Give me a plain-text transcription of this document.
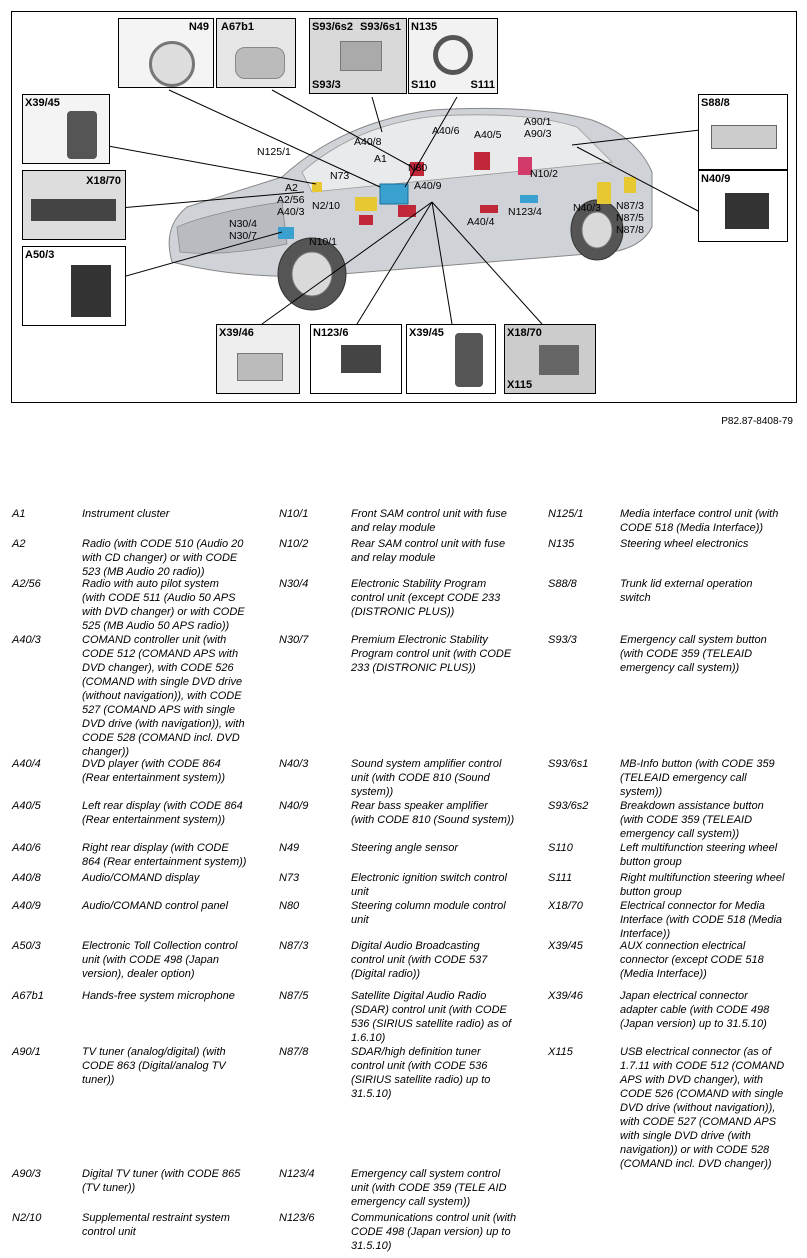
N49 A67b1	S93/6s2 S93/6s1
S93/3
N135
S110	S111
X39/45
X18/70
A50/3
S88/8
N40/9
X39/46	N123/6	X39/45	X18/70
X115
A40/8
A40/6 A40/5
A90/1
A90/3
N125/1
A1
N80
N73
A40/9
N10/2
A2
A2/56
A40/3 N2/10	N123/4	N40/3 N87/3
N87/5
N87/8
A40/4
N30/4
N30/7	N10/1
P82.87-8408-79
A1	Instrument cluster
A2	Radio (with CODE 510 (Audio 20
with CD changer) or with CODE
523 (MB Audio 20 radio))
A2/56	Radio with auto pilot system
(with CODE 511 (Audio 50 APS
with DVD changer) or with CODE
525 (MB Audio 50 APS radio))
A40/3	COMAND controller unit (with
CODE 512 (COMAND APS with
DVD changer), with CODE 526
(COMAND with single DVD drive
(without navigation)), with CODE
527 (COMAND APS with single
DVD drive (with navigation)), with
CODE 528 (COMAND incl. DVD
changer))
A40/4	DVD player (with CODE 864
(Rear entertainment system))
A40/5	Left rear display (with CODE 864
(Rear entertainment system))
A40/6	Right rear display (with CODE
864 (Rear entertainment system))
A40/8	Audio/COMAND display
A40/9	Audio/COMAND control panel
A50/3	Electronic Toll Collection control
unit (with CODE 498 (Japan
version), dealer option)
A67b1	Hands-free system microphone
A90/1	TV tuner (analog/digital) (with
CODE 863 (Digital/analog TV
tuner))
A90/3	Digital TV tuner (with CODE 865
(TV tuner))
N2/10	Supplemental restraint system
control unit
N10/1	Front SAM control unit with fuse
and relay module
N10/2	Rear SAM control unit with fuse
and relay module
N30/4	Electronic Stability Program
control unit (except CODE 233
(DISTRONIC PLUS))
N30/7	Premium Electronic Stability
Program control unit (with CODE
233 (DISTRONIC PLUS))
N40/3	Sound system amplifier control
unit (with CODE 810 (Sound
system))
N40/9	Rear bass speaker amplifier
(with CODE 810 (Sound system))
N49	Steering angle sensor
N73	Electronic ignition switch control
unit
N80	Steering column module control
unit
N87/3	Digital Audio Broadcasting
control unit (with CODE 537
(Digital radio))
N87/5	Satellite Digital Audio Radio
(SDAR) control unit (with CODE
536 (SIRIUS satellite radio) as of
1.6.10)
N87/8	SDAR/high definition tuner
control unit (with CODE 536
(SIRIUS satellite radio) up to
31.5.10)
N123/4	Emergency call system control
unit (with CODE 359 (TELE AID
emergency call system))
N123/6	Communications control unit (with
CODE 498 (Japan version) up to
31.5.10)
N125/1	Media interface control unit (with
CODE 518 (Media Interface))
N135	Steering wheel electronics
S88/8	Trunk lid external operation
switch
S93/3	Emergency call system button
(with CODE 359 (TELEAID
emergency call system))
S93/6s1	MB-Info button (with CODE 359
(TELEAID emergency call
system))
S93/6s2	Breakdown assistance button
(with CODE 359 (TELEAID
emergency call system))
S110	Left multifunction steering wheel
button group
S111	Right multifunction steering wheel
button group
X18/70	Electrical connector for Media
Interface (with CODE 518 (Media
Interface))
X39/45	AUX connection electrical
connector (except CODE 518
(Media Interface))
X39/46	Japan electrical connector
adapter cable (with CODE 498
(Japan version) up to 31.5.10)
X115	USB electrical connector (as of
1.7.11 with CODE 512 (COMAND
APS with DVD changer), with
CODE 526 (COMAND with single
DVD drive (without navigation)),
with CODE 527 (COMAND APS
with single DVD drive (with
navigation)) or with CODE 528
(COMAND incl. DVD changer))
